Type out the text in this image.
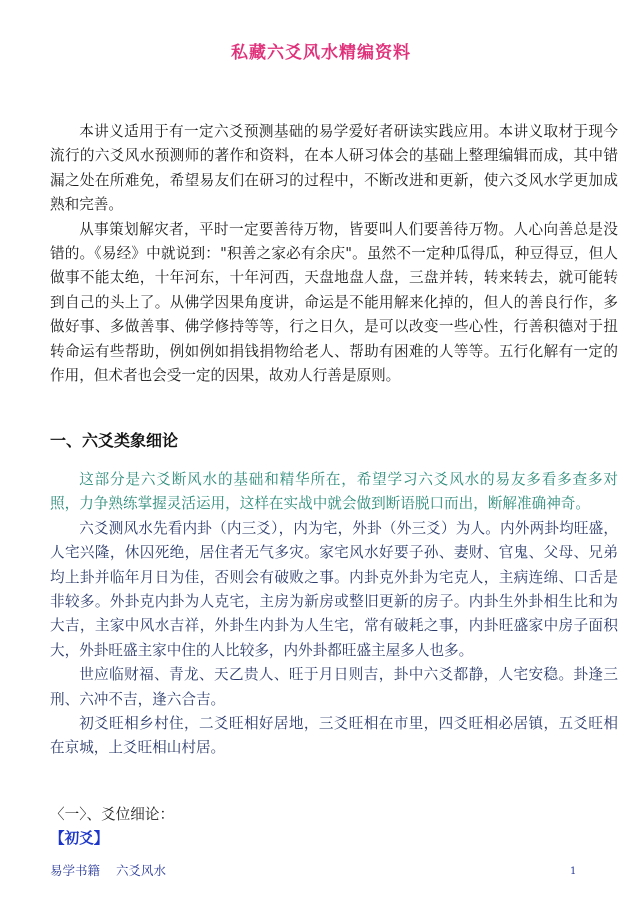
私藏六爻风水精编资料

本讲义适用于有一定六爻预测基础的易学爱好者研读实践应用。本讲义取材于现今流行的六爻风水预测师的著作和资料，在本人研习体会的基础上整理编辑而成，其中错漏之处在所难免，希望易友们在研习的过程中，不断改进和更新，使六爻风水学更加成熟和完善。

从事策划解灾者，平时一定要善待万物，皆要叫人们要善待万物。人心向善总是没错的。《易经》中就说到："积善之家必有余庆"。虽然不一定种瓜得瓜，种豆得豆，但人做事不能太绝，十年河东，十年河西，天盘地盘人盘，三盘并转，转来转去，就可能转到自己的头上了。从佛学因果角度讲，命运是不能用解来化掉的，但人的善良行作，多做好事、多做善事、佛学修持等等，行之日久，是可以改变一些心性，行善积德对于扭转命运有些帮助，例如例如捐钱捐物给老人、帮助有困难的人等等。五行化解有一定的作用，但术者也会受一定的因果，故劝人行善是原则。

一、六爻类象细论

这部分是六爻断风水的基础和精华所在，希望学习六爻风水的易友多看多查多对照，力争熟练掌握灵活运用，这样在实战中就会做到断语脱口而出，断解准确神奇。

六爻测风水先看内卦（内三爻），内为宅，外卦（外三爻）为人。内外两卦均旺盛，人宅兴隆，休囚死绝，居住者无气多灾。家宅风水好要子孙、妻财、官鬼、父母、兄弟均上卦并临年月日为佳，否则会有破败之事。内卦克外卦为宅克人，主病连绵、口舌是非较多。外卦克内卦为人克宅，主房为新房或整旧更新的房子。内卦生外卦相生比和为大吉，主家中风水吉祥，外卦生内卦为人生宅，常有破耗之事，内卦旺盛家中房子面积大，外卦旺盛主家中住的人比较多，内外卦都旺盛主屋多人也多。

世应临财福、青龙、天乙贵人、旺于月日则吉，卦中六爻都静，人宅安稳。卦逢三刑、六冲不吉，逢六合吉。

初爻旺相乡村住，二爻旺相好居地，三爻旺相在市里，四爻旺相必居镇，五爻旺相在京城，上爻旺相山村居。

〈一〉、爻位细论：
【初爻】
易学书籍 六爻风水	1
